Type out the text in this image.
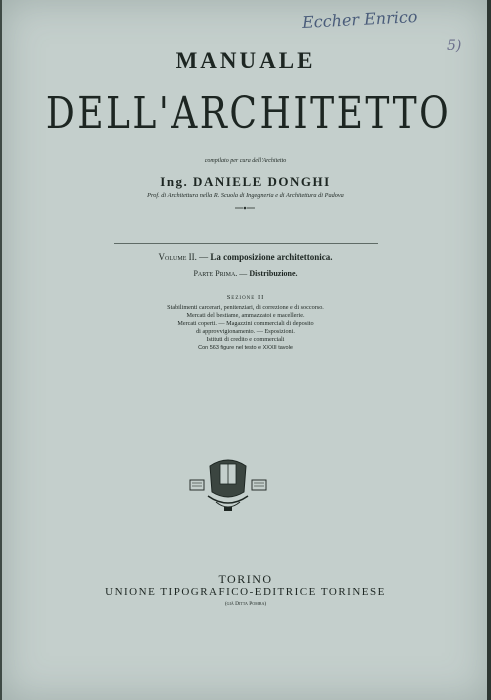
Eccher Enrico
5)
MANUALE
DELL'ARCHITETTO
compilato per cura dell'Architetto
Ing. DANIELE DONGHI
Prof. di Architettura nella R. Scuola di Ingegneria e di Architettura di Padova
Volume II. — La composizione architettonica.
Parte Prima. — Distribuzione.
Sezione II
Stabilimenti carcerari, penitenziari, di correzione e di soccorso.
Mercati del bestiame, ammazzatoi e macellerie.
Mercati coperti. — Magazzini commerciali di deposito
di approvvigionamento. — Esposizioni.
Istituti di credito e commerciali
Con 563 figure nel testo e XXXII tavole
TORINO
UNIONE TIPOGRAFICO-EDITRICE TORINESE
(già Ditta Pomba)
